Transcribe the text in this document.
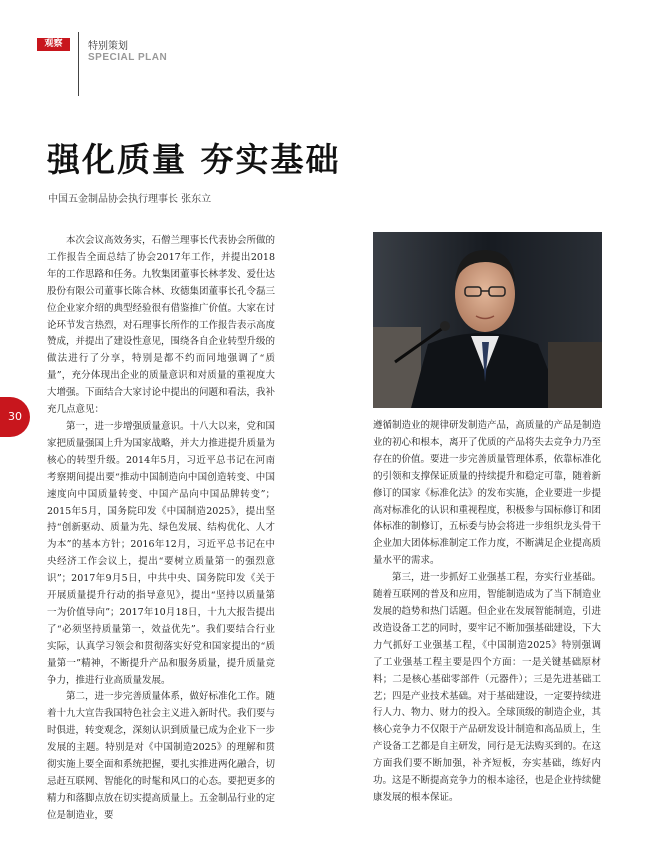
观察	特别策划
SPECIAL PLAN
强化质量 夯实基础
中国五金制品协会执行理事长 张东立

本次会议高效务实，石僧兰理事长代表协会所做的工作报告全面总结了协会2017年工作，并提出2018年的工作思路和任务。九牧集团董事长林孝发、爱仕达股份有限公司董事长陈合林、玫德集团董事长孔令磊三位企业家介绍的典型经验很有借鉴推广价值。大家在讨论环节发言热烈，对石理事长所作的工作报告表示高度赞成，并提出了建设性意见，围绕各自企业转型升级的做法进行了分享，特别是都不约而同地强调了“质量”，充分体现出企业的质量意识和对质量的重视度大大增强。下面结合大家讨论中提出的问题和看法，我补充几点意见：

第一，进一步增强质量意识。十八大以来，党和国家把质量强国上升为国家战略，并大力推进提升质量为核心的转型升级。2014年5月，习近平总书记在河南考察期间提出要“推动中国制造向中国创造转变、中国速度向中国质量转变、中国产品向中国品牌转变”；2015年5月，国务院印发《中国制造2025》，提出坚持“创新驱动、质量为先、绿色发展、结构优化、人才为本”的基本方针；2016年12月，习近平总书记在中央经济工作会议上，提出“要树立质量第一的强烈意识”；2017年9月5日，中共中央、国务院印发《关于开展质量提升行动的指导意见》，提出“坚持以质量第一为价值导向”；2017年10月18日，十九大报告提出了“必须坚持质量第一，效益优先”。我们要结合行业实际，认真学习领会和贯彻落实好党和国家提出的“质量第一”精神，不断提升产品和服务质量，提升质量竞争力，推进行业高质量发展。

第二，进一步完善质量体系，做好标准化工作。随着十九大宣告我国特色社会主义进入新时代。我们要与时俱进，转变观念，深刻认识到质量已成为企业下一步发展的主题。特别是对《中国制造2025》的理解和贯彻实施上要全面和系统把握，要扎实推进两化融合，切忌赶互联网、智能化的时髦和风口的心态。要把更多的精力和落脚点放在切实提高质量上。五金制品行业的定位是制造业，要

遵循制造业的规律研发制造产品，高质量的产品是制造业的初心和根本，离开了优质的产品将失去竞争力乃至存在的价值。要进一步完善质量管理体系，依靠标准化的引领和支撑保证质量的持续提升和稳定可靠，随着新修订的国家《标准化法》的发布实施，企业要进一步提高对标准化的认识和重视程度，积极参与国标修订和团体标准的制修订，五标委与协会将进一步组织龙头骨干企业加大团体标准制定工作力度，不断满足企业提高质量水平的需求。

第三，进一步抓好工业强基工程，夯实行业基础。随着互联网的普及和应用，智能制造成为了当下制造业发展的趋势和热门话题。但企业在发展智能制造，引进改造设备工艺的同时，要牢记不断加强基础建设，下大力气抓好工业强基工程，《中国制造2025》特别强调了工业强基工程主要是四个方面：一是关键基础原材料；二是核心基础零部件（元器件）；三是先进基础工艺；四是产业技术基础。对于基础建设，一定要持续进行人力、物力、财力的投入。全球顶级的制造企业，其核心竞争力不仅限于产品研发设计制造和高品质上，生产设备工艺都是自主研发，同行是无法购买到的。在这方面我们要不断加强，补齐短板，夯实基础，练好内功。这是不断提高竞争力的根本途径，也是企业持续健康发展的根本保证。

30
